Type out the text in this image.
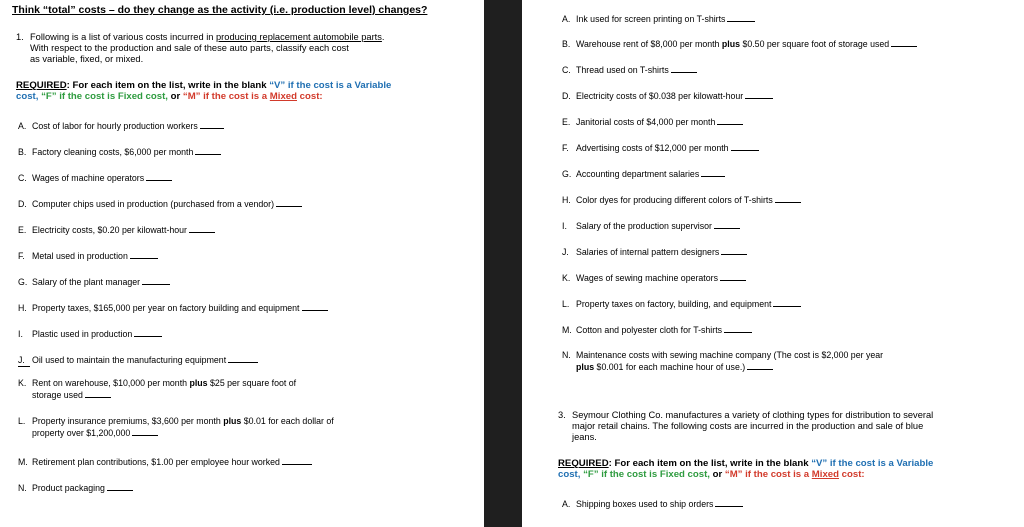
Think “total” costs – do they change as the activity (i.e. production level) changes?
1. Following is a list of various costs incurred in producing replacement automobile parts.
With respect to the production and sale of these auto parts, classify each cost
as variable, fixed, or mixed.
REQUIRED: For each item on the list, write in the blank “V” if the cost is a Variable
cost, “F” if the cost is Fixed cost, or “M” if the cost is a Mixed cost:
A. Cost of labor for hourly production workers
B. Factory cleaning costs, $6,000 per month
C. Wages of machine operators
D. Computer chips used in production (purchased from a vendor)
E. Electricity costs, $0.20 per kilowatt-hour
F. Metal used in production
G. Salary of the plant manager
H. Property taxes, $165,000 per year on factory building and equipment
I. Plastic used in production
J. Oil used to maintain the manufacturing equipment
K. Rent on warehouse, $10,000 per month plus $25 per square foot of
storage used
L. Property insurance premiums, $3,600 per month plus $0.01 for each dollar of
property over $1,200,000
M. Retirement plan contributions, $1.00 per employee hour worked
N. Product packaging
A. Ink used for screen printing on T-shirts
B. Warehouse rent of $8,000 per month plus $0.50 per square foot of storage used
C. Thread used on T-shirts
D. Electricity costs of $0.038 per kilowatt-hour
E. Janitorial costs of $4,000 per month
F. Advertising costs of $12,000 per month
G. Accounting department salaries
H. Color dyes for producing different colors of T-shirts
I. Salary of the production supervisor
J. Salaries of internal pattern designers
K. Wages of sewing machine operators
L. Property taxes on factory, building, and equipment
M. Cotton and polyester cloth for T-shirts
N. Maintenance costs with sewing machine company (The cost is $2,000 per year
plus $0.001 for each machine hour of use.)
3. Seymour Clothing Co. manufactures a variety of clothing types for distribution to several
major retail chains. The following costs are incurred in the production and sale of blue
jeans.
REQUIRED: For each item on the list, write in the blank “V” if the cost is a Variable
cost, “F” if the cost is Fixed cost, or “M” if the cost is a Mixed cost:
A. Shipping boxes used to ship orders
